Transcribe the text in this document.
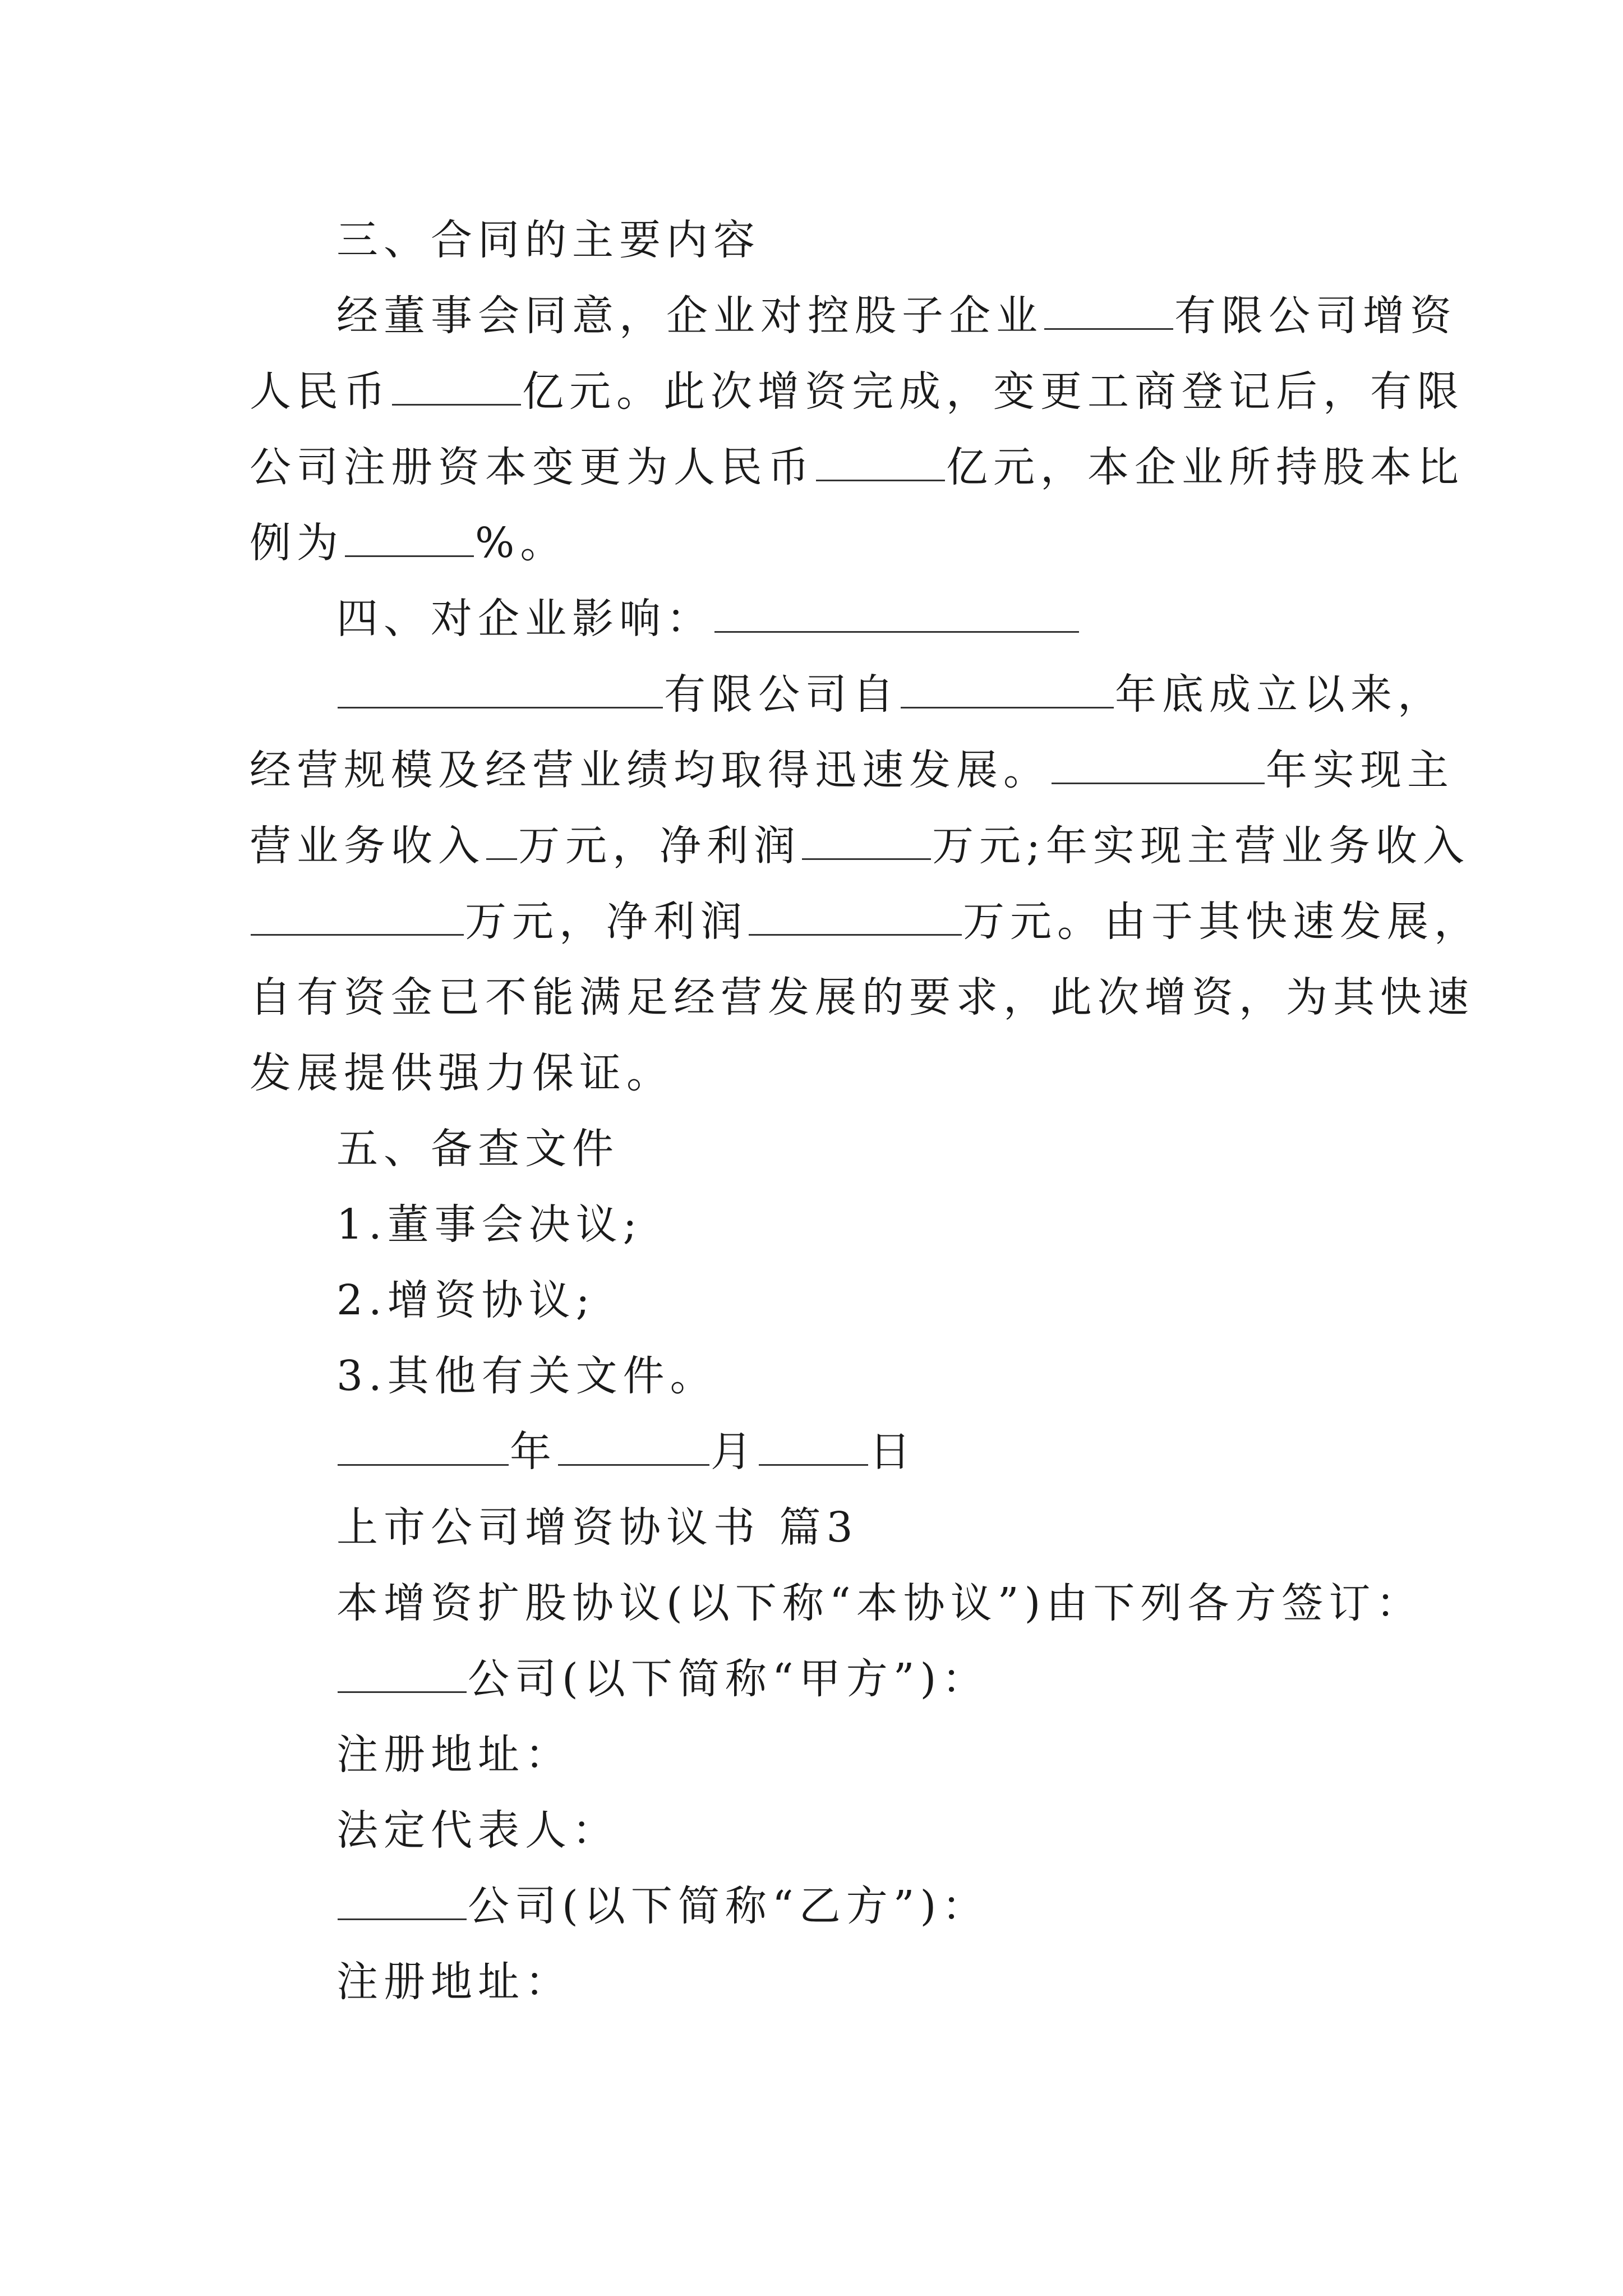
三、合同的主要内容
经董事会同意，企业对控股子企业	有限公司增资
人民币	亿元。此次增资完成，变更工商登记后，有限
公司注册资本变更为人民币	亿元，本企业所持股本比
例为	%。
四、对企业影响：
有限公司自	年底成立以来，
经营规模及经营业绩均取得迅速发展。	年实现主
营业务收入 万元，净利润	万元;年实现主营业务收入
万元，净利润	万元。由于其快速发展，
自有资金已不能满足经营发展的要求，此次增资，为其快速
发展提供强力保证。
五、备查文件
1.董事会决议;
2.增资协议;
3.其他有关文件。
年	月	日
上市公司增资协议书 篇3
本增资扩股协议(以下称“本协议”)由下列各方签订：
公司(以下简称“甲方”)：
注册地址：
法定代表人：
公司(以下简称“乙方”)：
注册地址：
